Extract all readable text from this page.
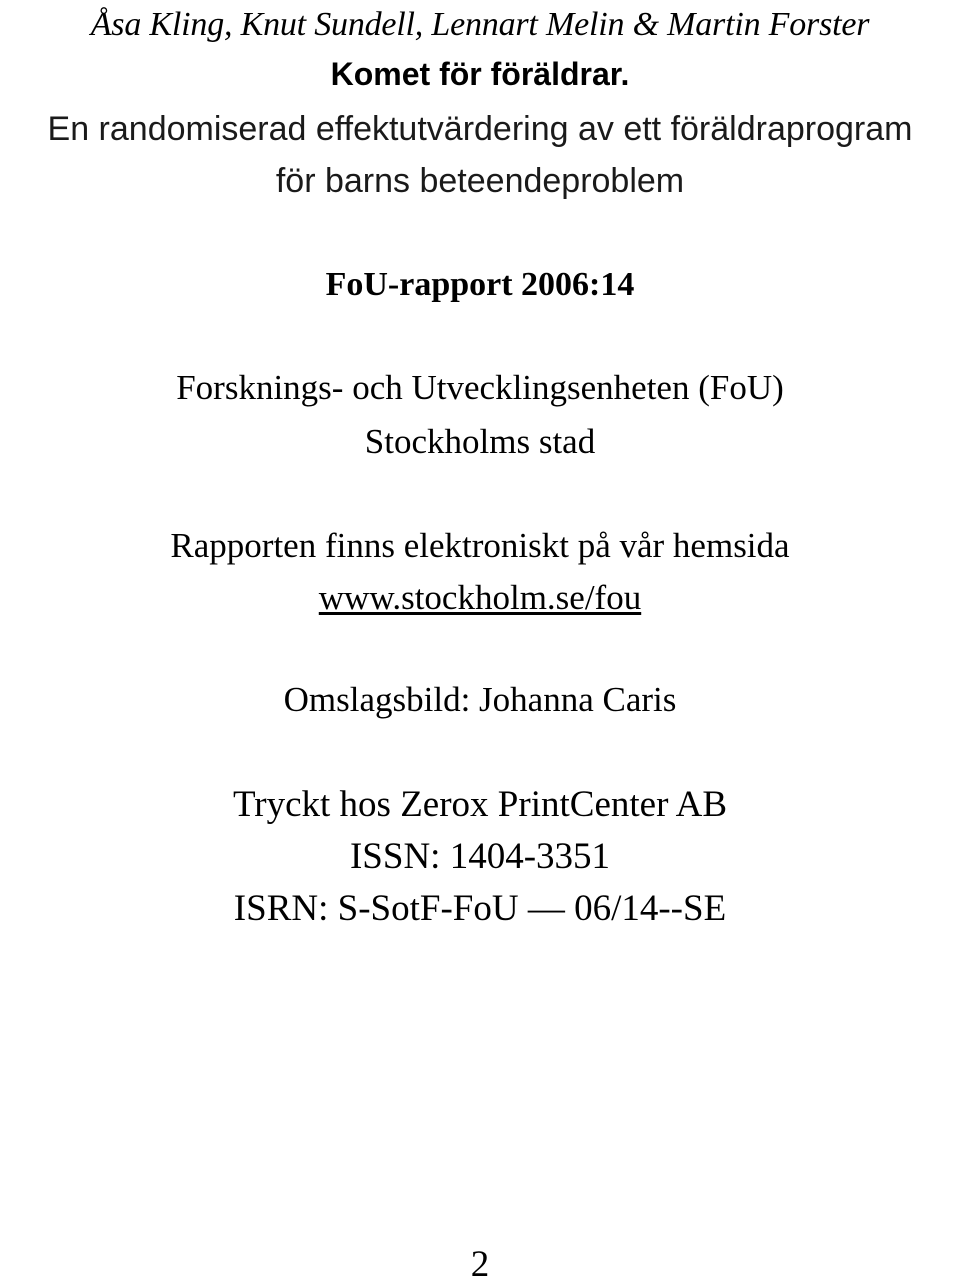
Åsa Kling, Knut Sundell, Lennart Melin & Martin Forster
Komet för föräldrar.
En randomiserad effektutvärdering av ett föräldraprogram
för barns beteendeproblem
FoU-rapport 2006:14
Forsknings- och Utvecklingsenheten (FoU)
Stockholms stad
Rapporten finns elektroniskt på vår hemsida
www.stockholm.se/fou
Omslagsbild: Johanna Caris
Tryckt hos Zerox PrintCenter AB
ISSN: 1404-3351
ISRN: S-SotF-FoU — 06/14--SE
2
